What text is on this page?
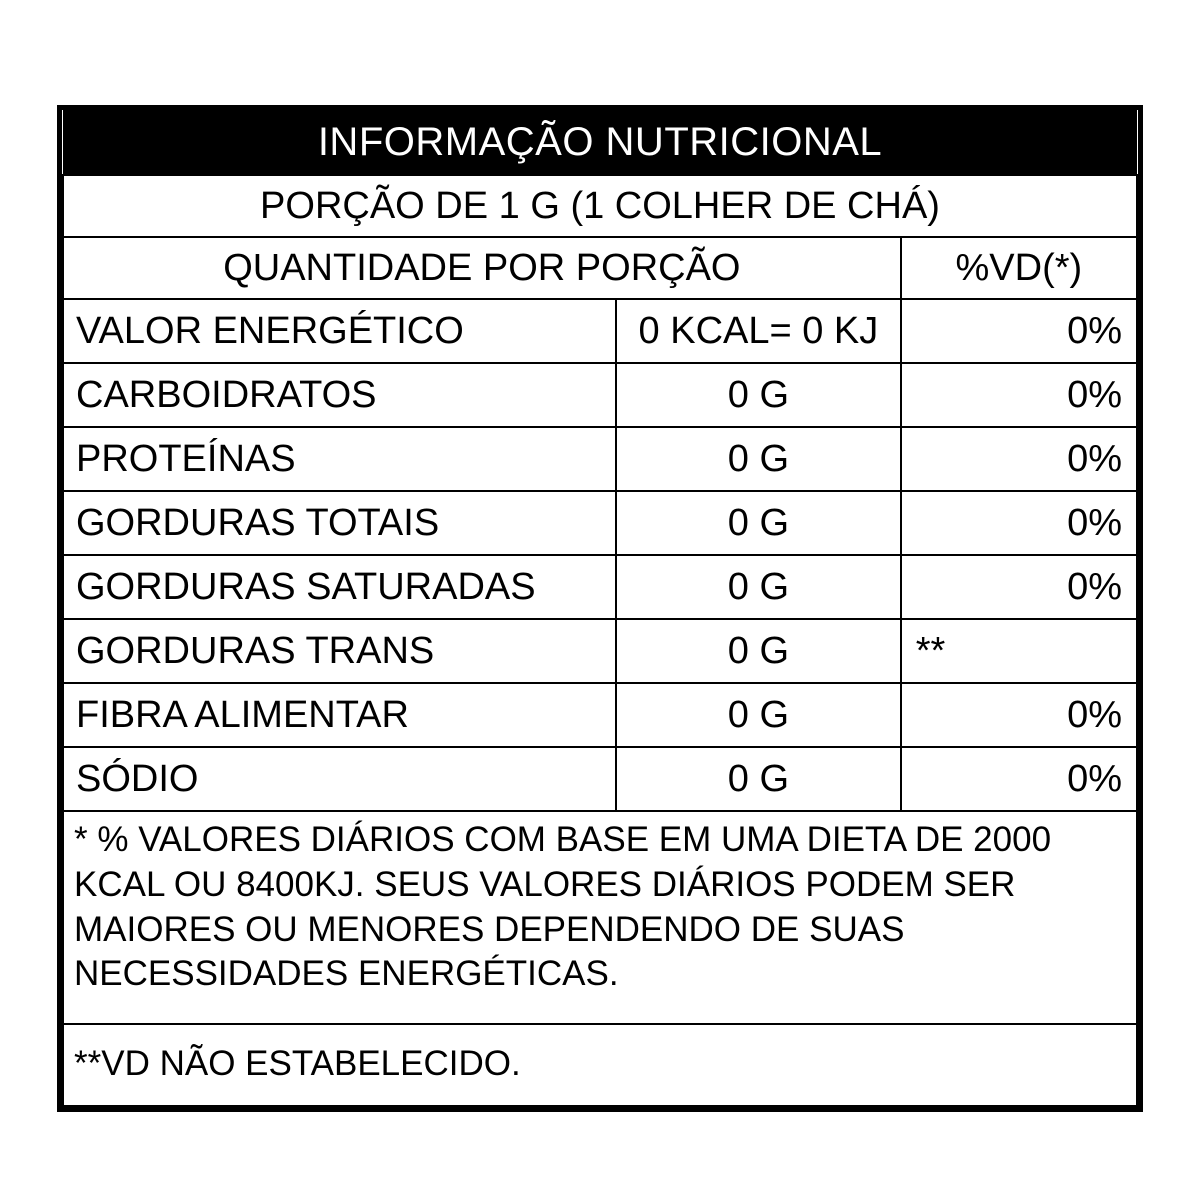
INFORMAÇÃO NUTRICIONAL		
PORÇÃO DE 1 G (1 COLHER DE CHÁ)		
QUANTIDADE POR PORÇÃO		%VD(*)
VALOR ENERGÉTICO	0 KCAL= 0 KJ	0%
CARBOIDRATOS	0 G	0%
PROTEÍNAS	0 G	0%
GORDURAS TOTAIS	0 G	0%
GORDURAS SATURADAS	0 G	0%
GORDURAS TRANS	0 G	**
FIBRA ALIMENTAR	0 G	0%
SÓDIO	0 G	0%
* % VALORES DIÁRIOS COM BASE EM UMA DIETA DE 2000 KCAL OU 8400KJ. SEUS VALORES DIÁRIOS PODEM SER MAIORES OU MENORES DEPENDENDO DE SUAS NECESSIDADES ENERGÉTICAS.		
**VD NÃO ESTABELECIDO.		
